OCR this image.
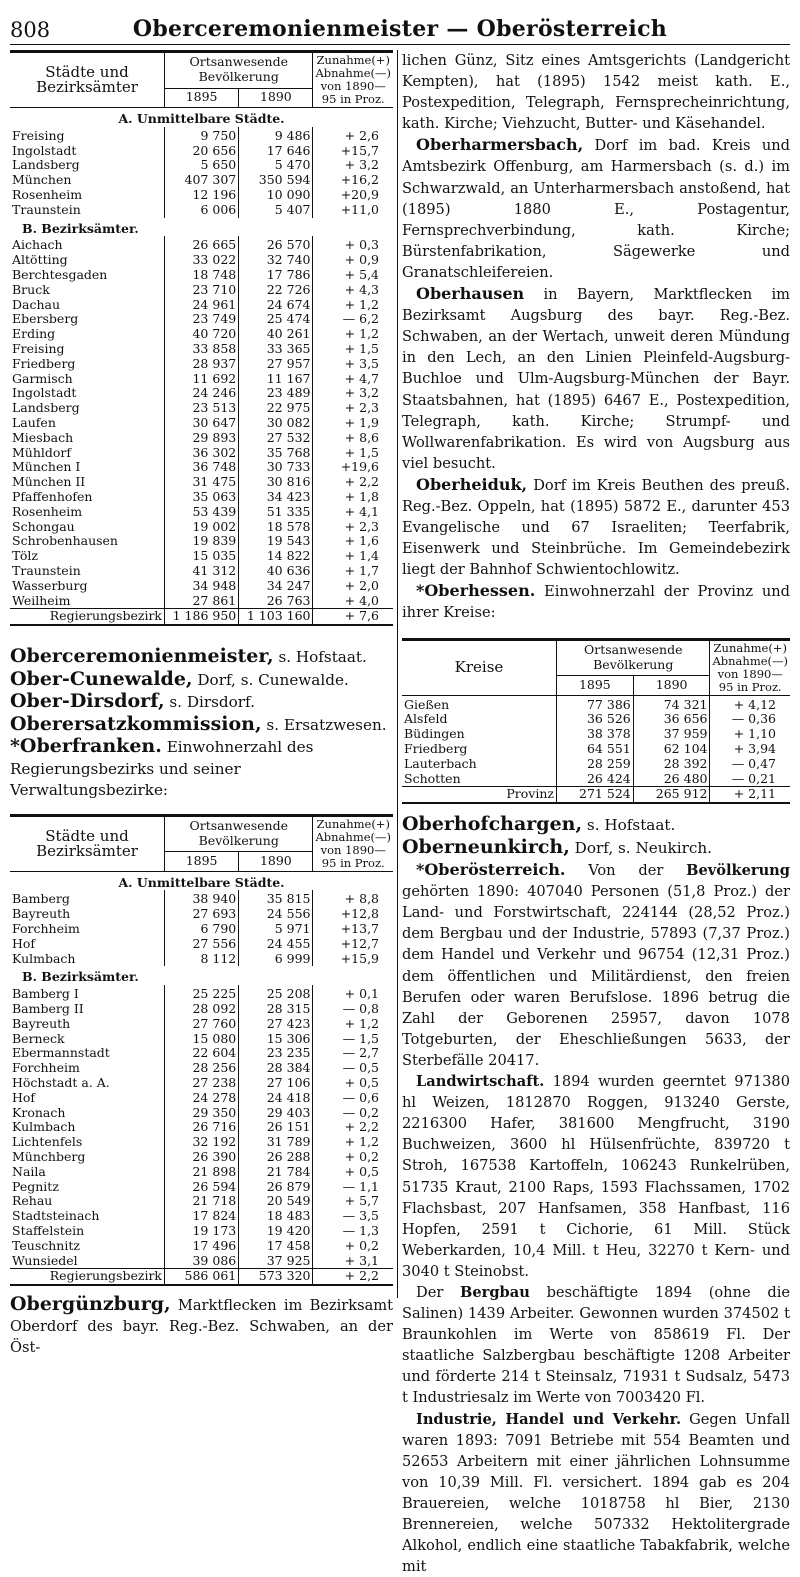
808	Oberceremonienmeister — Oberösterreich
Städte und Bezirksämter	Ortsanwesende Bevölkerung		Zunahme(+) Abnahme(—) von 1890—95 in Proz.
	1895	1890	
A. Unmittelbare Städte.			
Freising	9 750	9 486	+ 2,6
Ingolstadt	20 656	17 646	+15,7
Landsberg	5 650	5 470	+ 3,2
München	407 307	350 594	+16,2
Rosenheim	12 196	10 090	+20,9
Traunstein	6 006	5 407	+11,0
B. Bezirksämter.			
Aichach	26 665	26 570	+ 0,3
Altötting	33 022	32 740	+ 0,9
Berchtesgaden	18 748	17 786	+ 5,4
Bruck	23 710	22 726	+ 4,3
Dachau	24 961	24 674	+ 1,2
Ebersberg	23 749	25 474	— 6,2
Erding	40 720	40 261	+ 1,2
Freising	33 858	33 365	+ 1,5
Friedberg	28 937	27 957	+ 3,5
Garmisch	11 692	11 167	+ 4,7
Ingolstadt	24 246	23 489	+ 3,2
Landsberg	23 513	22 975	+ 2,3
Laufen	30 647	30 082	+ 1,9
Miesbach	29 893	27 532	+ 8,6
Mühldorf	36 302	35 768	+ 1,5
München I	36 748	30 733	+19,6
München II	31 475	30 816	+ 2,2
Pfaffenhofen	35 063	34 423	+ 1,8
Rosenheim	53 439	51 335	+ 4,1
Schongau	19 002	18 578	+ 2,3
Schrobenhausen	19 839	19 543	+ 1,6
Tölz	15 035	14 822	+ 1,4
Traunstein	41 312	40 636	+ 1,7
Wasserburg	34 948	34 247	+ 2,0
Weilheim	27 861	26 763	+ 4,0
Regierungsbezirk	1 186 950	1 103 160	+ 7,6

Oberceremonienmeister, s. Hofstaat.

Ober-Cunewalde, Dorf, s. Cunewalde.

Ober-Dirsdorf, s. Dirsdorf.

Oberersatzkommission, s. Ersatzwesen.

*Oberfranken. Einwohnerzahl des Regierungsbezirks und seiner Verwaltungsbezirke:

Städte und Bezirksämter	Ortsanwesende Bevölkerung		Zunahme(+) Abnahme(—) von 1890—95 in Proz.
	1895	1890	
A. Unmittelbare Städte.			
Bamberg	38 940	35 815	+ 8,8
Bayreuth	27 693	24 556	+12,8
Forchheim	6 790	5 971	+13,7
Hof	27 556	24 455	+12,7
Kulmbach	8 112	6 999	+15,9
B. Bezirksämter.			
Bamberg I	25 225	25 208	+ 0,1
Bamberg II	28 092	28 315	— 0,8
Bayreuth	27 760	27 423	+ 1,2
Berneck	15 080	15 306	— 1,5
Ebermannstadt	22 604	23 235	— 2,7
Forchheim	28 256	28 384	— 0,5
Höchstadt a. A.	27 238	27 106	+ 0,5
Hof	24 278	24 418	— 0,6
Kronach	29 350	29 403	— 0,2
Kulmbach	26 716	26 151	+ 2,2
Lichtenfels	32 192	31 789	+ 1,2
Münchberg	26 390	26 288	+ 0,2
Naila	21 898	21 784	+ 0,5
Pegnitz	26 594	26 879	— 1,1
Rehau	21 718	20 549	+ 5,7
Stadtsteinach	17 824	18 483	— 3,5
Staffelstein	19 173	19 420	— 1,3
Teuschnitz	17 496	17 458	+ 0,2
Wunsiedel	39 086	37 925	+ 3,1
Regierungsbezirk	586 061	573 320	+ 2,2

Obergünzburg, Marktflecken im Bezirksamt Oberdorf des bayr. Reg.-Bez. Schwaben, an der Öst-

lichen Günz, Sitz eines Amtsgerichts (Landgericht Kempten), hat (1895) 1542 meist kath. E., Postexpedition, Telegraph, Fernsprecheinrichtung, kath. Kirche; Viehzucht, Butter- und Käsehandel.

Oberharmersbach, Dorf im bad. Kreis und Amtsbezirk Offenburg, am Harmersbach (s. d.) im Schwarzwald, an Unterharmersbach anstoßend, hat (1895) 1880 E., Postagentur, Fernsprechverbindung, kath. Kirche; Bürstenfabrikation, Sägewerke und Granatschleifereien.

Oberhausen in Bayern, Marktflecken im Bezirksamt Augsburg des bayr. Reg.-Bez. Schwaben, an der Wertach, unweit deren Mündung in den Lech, an den Linien Pleinfeld-Augsburg-Buchloe und Ulm-Augsburg-München der Bayr. Staatsbahnen, hat (1895) 6467 E., Postexpedition, Telegraph, kath. Kirche; Strumpf- und Wollwarenfabrikation. Es wird von Augsburg aus viel besucht.

Oberheiduk, Dorf im Kreis Beuthen des preuß. Reg.-Bez. Oppeln, hat (1895) 5872 E., darunter 453 Evangelische und 67 Israeliten; Teerfabrik, Eisenwerk und Steinbrüche. Im Gemeindebezirk liegt der Bahnhof Schwientochlowitz.

*Oberhessen. Einwohnerzahl der Provinz und ihrer Kreise:

Kreise	Ortsanwesende Bevölkerung		Zunahme(+) Abnahme(—) von 1890—95 in Proz.
	1895	1890	
Gießen	77 386	74 321	+ 4,12
Alsfeld	36 526	36 656	— 0,36
Büdingen	38 378	37 959	+ 1,10
Friedberg	64 551	62 104	+ 3,94
Lauterbach	28 259	28 392	— 0,47
Schotten	26 424	26 480	— 0,21
Provinz	271 524	265 912	+ 2,11

Oberhofchargen, s. Hofstaat.

Oberneunkirch, Dorf, s. Neukirch.

*Oberösterreich. Von der Bevölkerung gehörten 1890: 407040 Personen (51,8 Proz.) der Land- und Forstwirtschaft, 224144 (28,52 Proz.) dem Bergbau und der Industrie, 57893 (7,37 Proz.) dem Handel und Verkehr und 96754 (12,31 Proz.) dem öffentlichen und Militärdienst, den freien Berufen oder waren Berufslose. 1896 betrug die Zahl der Geborenen 25957, davon 1078 Totgeburten, der Eheschließungen 5633, der Sterbefälle 20417.

Landwirtschaft. 1894 wurden geerntet 971380 hl Weizen, 1812870 Roggen, 913240 Gerste, 2216300 Hafer, 381600 Mengfrucht, 3190 Buchweizen, 3600 hl Hülsenfrüchte, 839720 t Stroh, 167538 Kartoffeln, 106243 Runkelrüben, 51735 Kraut, 2100 Raps, 1593 Flachssamen, 1702 Flachsbast, 207 Hanfsamen, 358 Hanfbast, 116 Hopfen, 2591 t Cichorie, 61 Mill. Stück Weberkarden, 10,4 Mill. t Heu, 32270 t Kern- und 3040 t Steinobst.

Der Bergbau beschäftigte 1894 (ohne die Salinen) 1439 Arbeiter. Gewonnen wurden 374502 t Braunkohlen im Werte von 858619 Fl. Der staatliche Salzbergbau beschäftigte 1208 Arbeiter und förderte 214 t Steinsalz, 71931 t Sudsalz, 5473 t Industriesalz im Werte von 7003420 Fl.

Industrie, Handel und Verkehr. Gegen Unfall waren 1893: 7091 Betriebe mit 554 Beamten und 52653 Arbeitern mit einer jährlichen Lohnsumme von 10,39 Mill. Fl. versichert. 1894 gab es 204 Brauereien, welche 1018758 hl Bier, 2130 Brennereien, welche 507332 Hektolitergrade Alkohol, endlich eine staatliche Tabakfabrik, welche mit
